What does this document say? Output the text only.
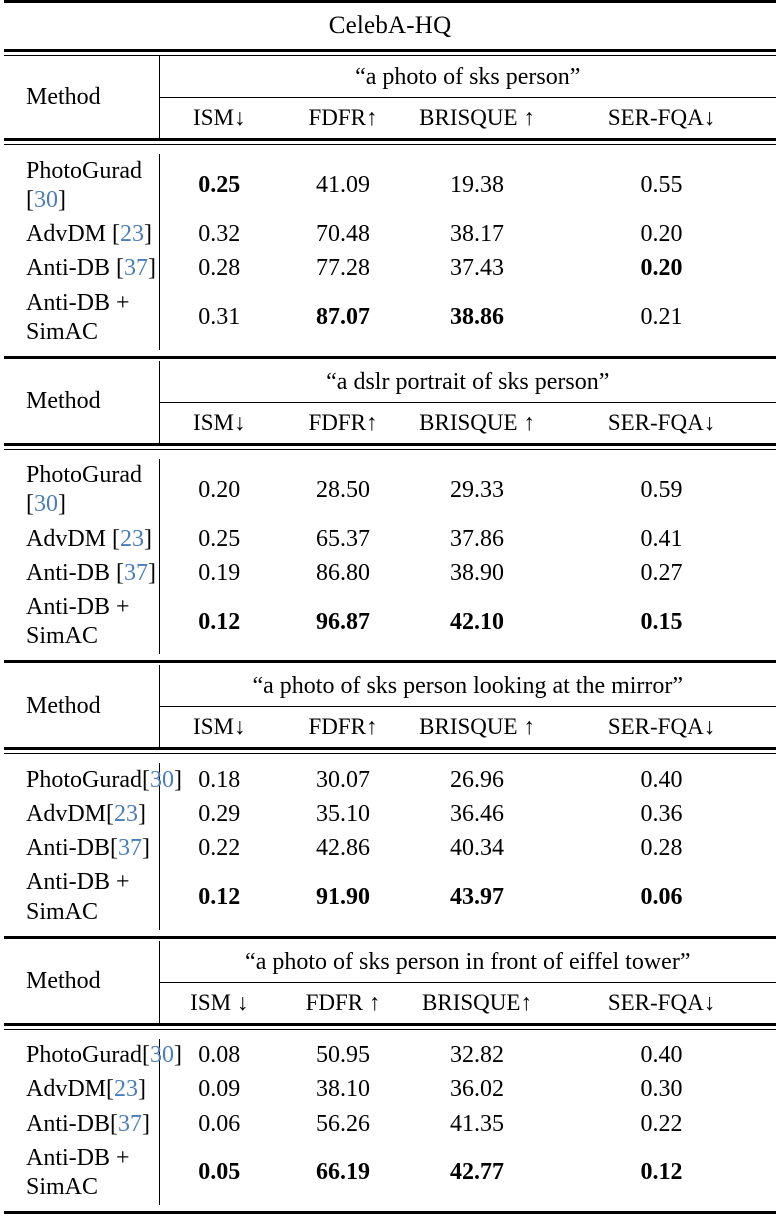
CelebA-HQ				

Method	“a photo of sks person”			
	ISM↓	FDFR↑	BRISQUE ↑	SER-FQA↓

PhotoGurad [30]	0.25	41.09	19.38	0.55
AdvDM [23]	0.32	70.48	38.17	0.20
Anti-DB [37]	0.28	77.28	37.43	0.20
Anti-DB + SimAC	0.31	87.07	38.86	0.21

Method	“a dslr portrait of sks person”			
	ISM↓	FDFR↑	BRISQUE ↑	SER-FQA↓

PhotoGurad [30]	0.20	28.50	29.33	0.59
AdvDM [23]	0.25	65.37	37.86	0.41
Anti-DB [37]	0.19	86.80	38.90	0.27
Anti-DB + SimAC	0.12	96.87	42.10	0.15

Method	“a photo of sks person looking at the mirror”			
	ISM↓	FDFR↑	BRISQUE ↑	SER-FQA↓

PhotoGurad[30]	0.18	30.07	26.96	0.40
AdvDM[23]	0.29	35.10	36.46	0.36
Anti-DB[37]	0.22	42.86	40.34	0.28
Anti-DB + SimAC	0.12	91.90	43.97	0.06

Method	“a photo of sks person in front of eiffel tower”			
	ISM ↓	FDFR ↑	BRISQUE↑	SER-FQA↓

PhotoGurad[30]	0.08	50.95	32.82	0.40
AdvDM[23]	0.09	38.10	36.02	0.30
Anti-DB[37]	0.06	56.26	41.35	0.22
Anti-DB + SimAC	0.05	66.19	42.77	0.12
